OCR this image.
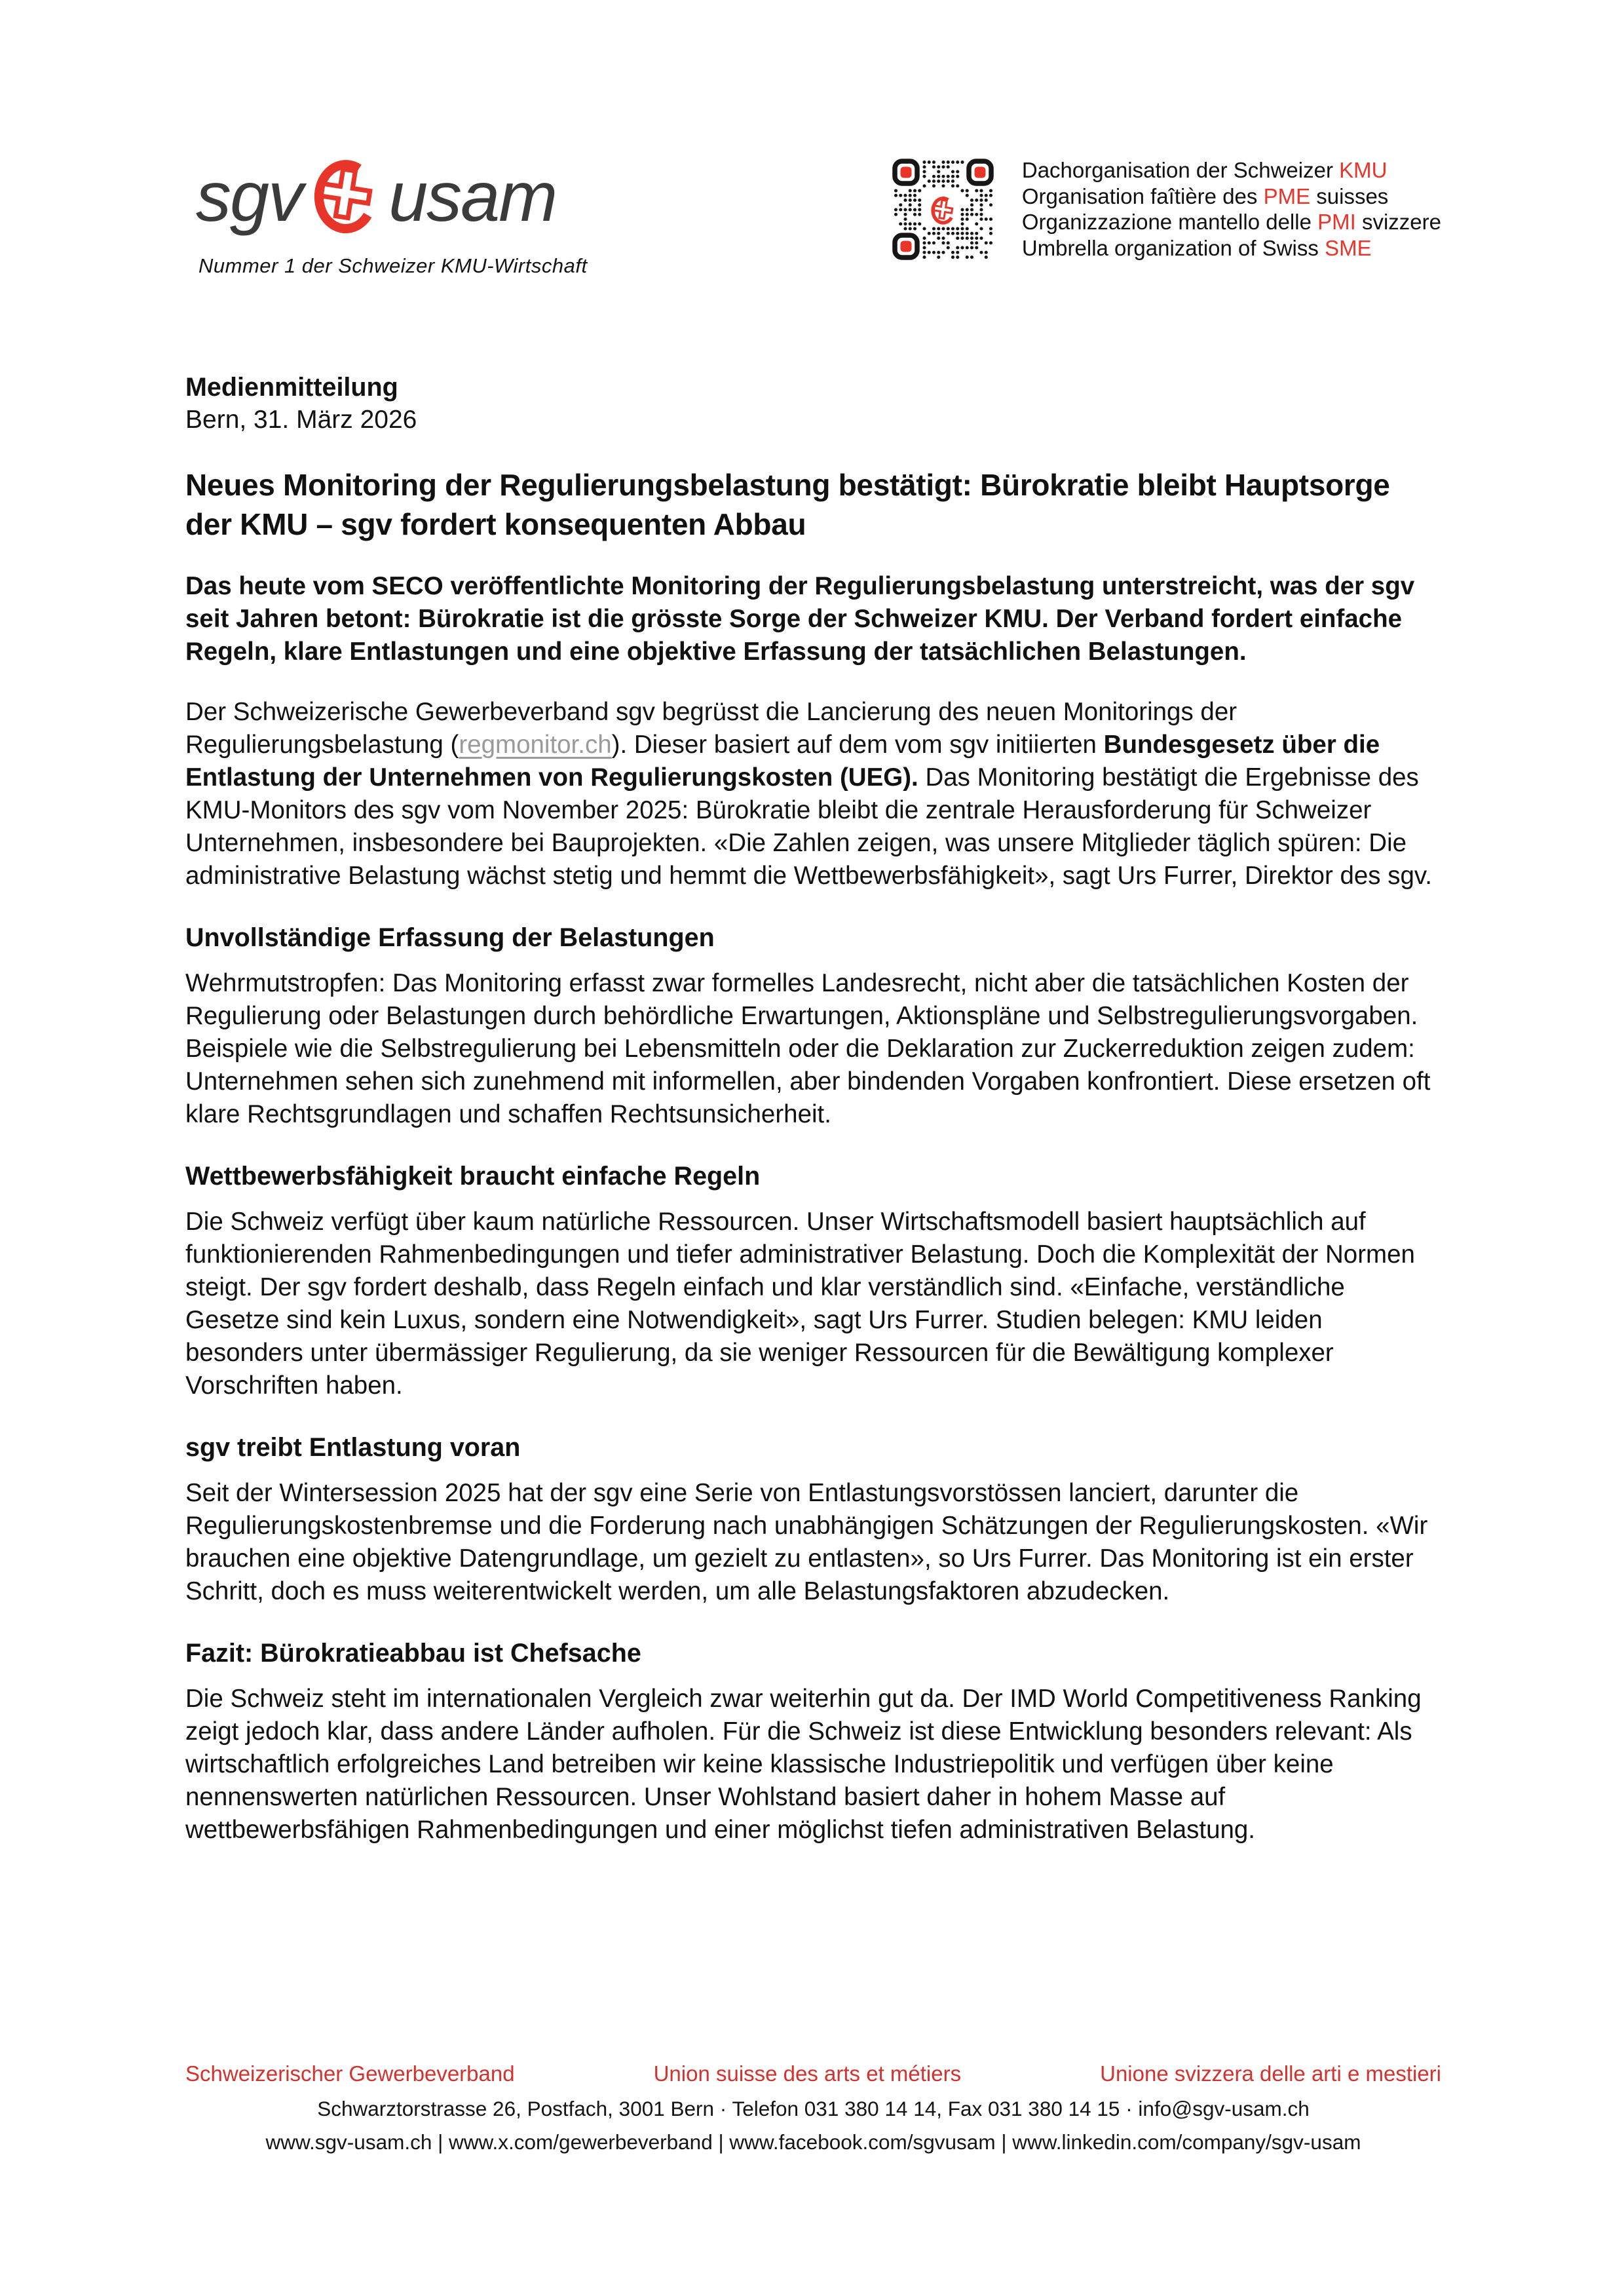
sgv usam
Nummer 1 der Schweizer KMU-Wirtschaft
Dachorganisation der Schweizer KMU
Organisation faîtière des PME suisses
Organizzazione mantello delle PMI svizzere
Umbrella organization of Swiss SME
Medienmitteilung
Bern, 31. März 2026
Neues Monitoring der Regulierungsbelastung bestätigt: Bürokratie bleibt Hauptsorge der KMU – sgv fordert konsequenten Abbau

Das heute vom SECO veröffentlichte Monitoring der Regulierungsbelastung unterstreicht, was der sgv seit Jahren betont: Bürokratie ist die grösste Sorge der Schweizer KMU. Der Verband fordert einfache Regeln, klare Entlastungen und eine objektive Erfassung der tatsächlichen Belastungen.

Der Schweizerische Gewerbeverband sgv begrüsst die Lancierung des neuen Monitorings der Regulierungsbelastung (regmonitor.ch). Dieser basiert auf dem vom sgv initiierten Bundesgesetz über die Entlastung der Unternehmen von Regulierungskosten (UEG). Das Monitoring bestätigt die Ergebnisse des KMU-Monitors des sgv vom November 2025: Bürokratie bleibt die zentrale Herausforderung für Schweizer Unternehmen, insbesondere bei Bauprojekten. «Die Zahlen zeigen, was unsere Mitglieder täglich spüren: Die administrative Belastung wächst stetig und hemmt die Wettbewerbsfähigkeit», sagt Urs Furrer, Direktor des sgv.

Unvollständige Erfassung der Belastungen

Wehrmutstropfen: Das Monitoring erfasst zwar formelles Landesrecht, nicht aber die tatsächlichen Kosten der Regulierung oder Belastungen durch behördliche Erwartungen, Aktionspläne und Selbstregulierungsvorgaben. Beispiele wie die Selbstregulierung bei Lebensmitteln oder die Deklaration zur Zuckerreduktion zeigen zudem: Unternehmen sehen sich zunehmend mit informellen, aber bindenden Vorgaben konfrontiert. Diese ersetzen oft klare Rechtsgrundlagen und schaffen Rechtsunsicherheit.

Wettbewerbsfähigkeit braucht einfache Regeln

Die Schweiz verfügt über kaum natürliche Ressourcen. Unser Wirtschaftsmodell basiert hauptsächlich auf funktionierenden Rahmenbedingungen und tiefer administrativer Belastung. Doch die Komplexität der Normen steigt. Der sgv fordert deshalb, dass Regeln einfach und klar verständlich sind. «Einfache, verständliche Gesetze sind kein Luxus, sondern eine Notwendigkeit», sagt Urs Furrer. Studien belegen: KMU leiden besonders unter übermässiger Regulierung, da sie weniger Ressourcen für die Bewältigung komplexer Vorschriften haben.

sgv treibt Entlastung voran

Seit der Wintersession 2025 hat der sgv eine Serie von Entlastungsvorstössen lanciert, darunter die Regulierungskostenbremse und die Forderung nach unabhängigen Schätzungen der Regulierungskosten. «Wir brauchen eine objektive Datengrundlage, um gezielt zu entlasten», so Urs Furrer. Das Monitoring ist ein erster Schritt, doch es muss weiterentwickelt werden, um alle Belastungsfaktoren abzudecken.

Fazit: Bürokratieabbau ist Chefsache

Die Schweiz steht im internationalen Vergleich zwar weiterhin gut da. Der IMD World Competitiveness Ranking zeigt jedoch klar, dass andere Länder aufholen. Für die Schweiz ist diese Entwicklung besonders relevant: Als wirtschaftlich erfolgreiches Land betreiben wir keine klassische Industriepolitik und verfügen über keine nennenswerten natürlichen Ressourcen. Unser Wohlstand basiert daher in hohem Masse auf wettbewerbsfähigen Rahmenbedingungen und einer möglichst tiefen administrativen Belastung.

Schweizerischer Gewerbeverband	Union suisse des arts et métiers	Unione svizzera delle arti e mestieri
Schwarztorstrasse 26, Postfach, 3001 Bern · Telefon 031 380 14 14, Fax 031 380 14 15 · info@sgv-usam.ch
www.sgv-usam.ch | www.x.com/gewerbeverband | www.facebook.com/sgvusam | www.linkedin.com/company/sgv-usam
